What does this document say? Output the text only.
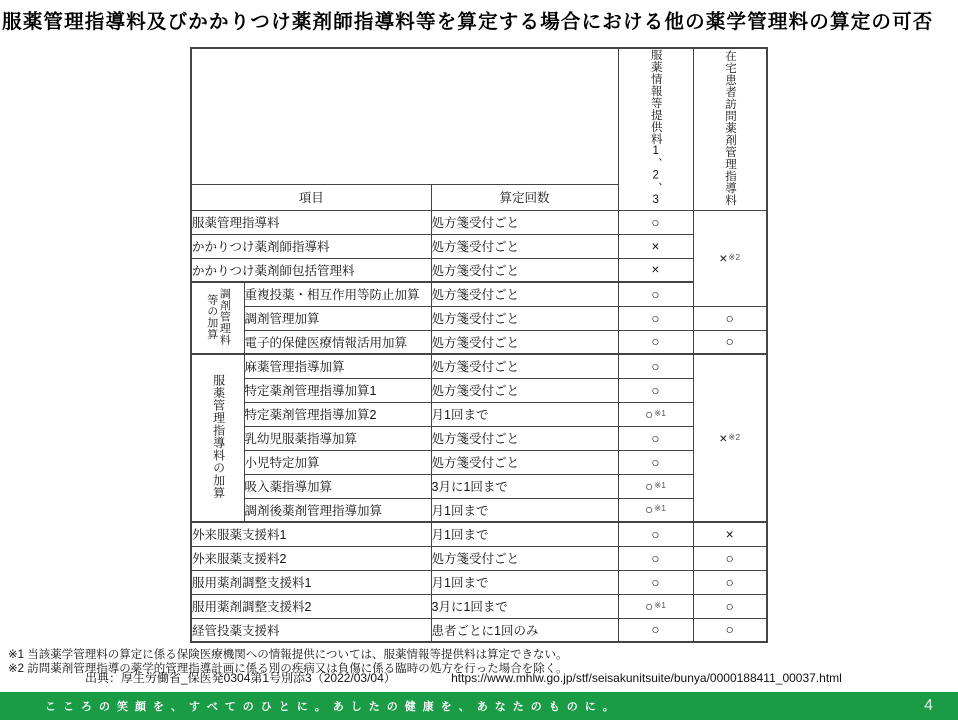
服薬管理指導料及びかかりつけ薬剤師指導料等を算定する場合における他の薬学管理料の算定の可否
			服薬情報等提供料1、2、3	在宅患者訪問薬剤管理指導料
項目		算定回数		
服薬管理指導料		処方箋受付ごと	○	×$^{※2}$
かかりつけ薬剤師指導料		処方箋受付ごと	×	
かかりつけ薬剤師包括管理料		処方箋受付ごと	×	
調剤管理料等の加算	重複投薬・相互作用等防止加算	処方箋受付ごと	○	
	調剤管理加算	処方箋受付ごと	○	○
	電子的保健医療情報活用加算	処方箋受付ごと	○	○
服薬管理指導料の加算	麻薬管理指導加算	処方箋受付ごと	○	×$^{※2}$
	特定薬剤管理指導加算1	処方箋受付ごと	○	
	特定薬剤管理指導加算2	月1回まで	○$^{※1}$
	乳幼児服薬指導加算	処方箋受付ごと	○	
	小児特定加算	処方箋受付ごと	○	
	吸入薬指導加算	3月に1回まで	○$^{※1}$
	調剤後薬剤管理指導加算	月1回まで	○$^{※1}$
外来服薬支援料1		月1回まで	○	×
外来服薬支援料2		処方箋受付ごと	○	○
服用薬剤調整支援料1		月1回まで	○	○
服用薬剤調整支援料2		3月に1回まで	○$^{※1}$	○
経管投薬支援料		患者ごとに1回のみ	○	○
※1 当該薬学管理料の算定に係る保険医療機関への情報提供については、服薬情報等提供料は算定できない。
※2 訪問薬剤管理指導の薬学的管理指導計画に係る別の疾病又は負傷に係る臨時の処方を行った場合を除く。
出典：厚生労働省_保医発0304第1号別添3（2022/03/04）	https://www.mhlw.go.jp/stf/seisakunitsuite/bunya/0000188411_00037.html
こころの笑顔を、すべてのひとに。あしたの健康を、あなたのものに。	4
